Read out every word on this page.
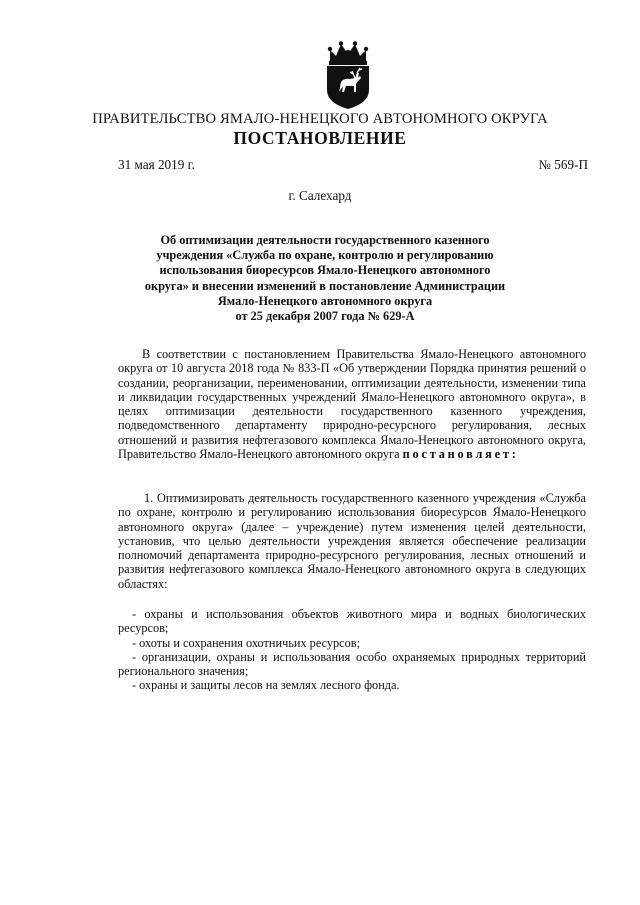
ПРАВИТЕЛЬСТВО ЯМАЛО-НЕНЕЦКОГО АВТОНОМНОГО ОКРУГА
ПОСТАНОВЛЕНИЕ
31 мая 2019 г.	№ 569-П
г. Салехард
Об оптимизации деятельности государственного казенного
учреждения «Служба по охране, контролю и регулированию
использования биоресурсов Ямало-Ненецкого автономного
округа» и внесении изменений в постановление Администрации
Ямало-Ненецкого автономного округа
от 25 декабря 2007 года № 629-А
В соответствии с постановлением Правительства Ямало-Ненецкого автономного округа от 10 августа 2018 года № 833-П «Об утверждении Порядка принятия решений о создании, реорганизации, переименовании, оптимизации деятельности, изменении типа и ликвидации государственных учреждений Ямало-Ненецкого автономного округа», в целях оптимизации деятельности государственного казенного учреждения, подведомственного департаменту природно-ресурсного регулирования, лесных отношений и развития нефтегазового комплекса Ямало-Ненецкого автономного округа, Правительство Ямало-Ненецкого автономного округа постановляет:
1. Оптимизировать деятельность государственного казенного учреждения «Служба по охране, контролю и регулированию использования биоресурсов Ямало-Ненецкого автономного округа» (далее – учреждение) путем изменения целей деятельности, установив, что целью деятельности учреждения является обеспечение реализации полномочий департамента природно-ресурсного регулирования, лесных отношений и развития нефтегазового комплекса Ямало-Ненецкого автономного округа в следующих областях:
- охраны и использования объектов животного мира и водных биологических ресурсов;
- охоты и сохранения охотничьих ресурсов;
- организации, охраны и использования особо охраняемых природных территорий регионального значения;
- охраны и защиты лесов на землях лесного фонда.
